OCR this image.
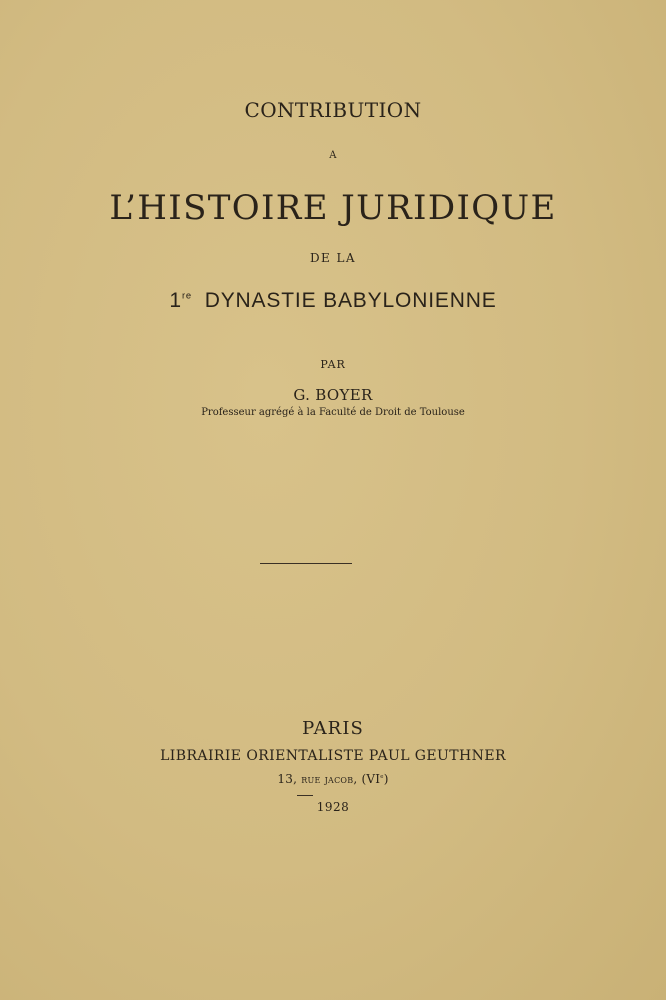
CONTRIBUTION
A
L’HISTOIRE JURIDIQUE
DE LA
1re DYNASTIE BABYLONIENNE
PAR
G. BOYER
Professeur agrégé à la Faculté de Droit de Toulouse
PARIS
LIBRAIRIE ORIENTALISTE PAUL GEUTHNER
13, rue jacob, (VIe)
1928
